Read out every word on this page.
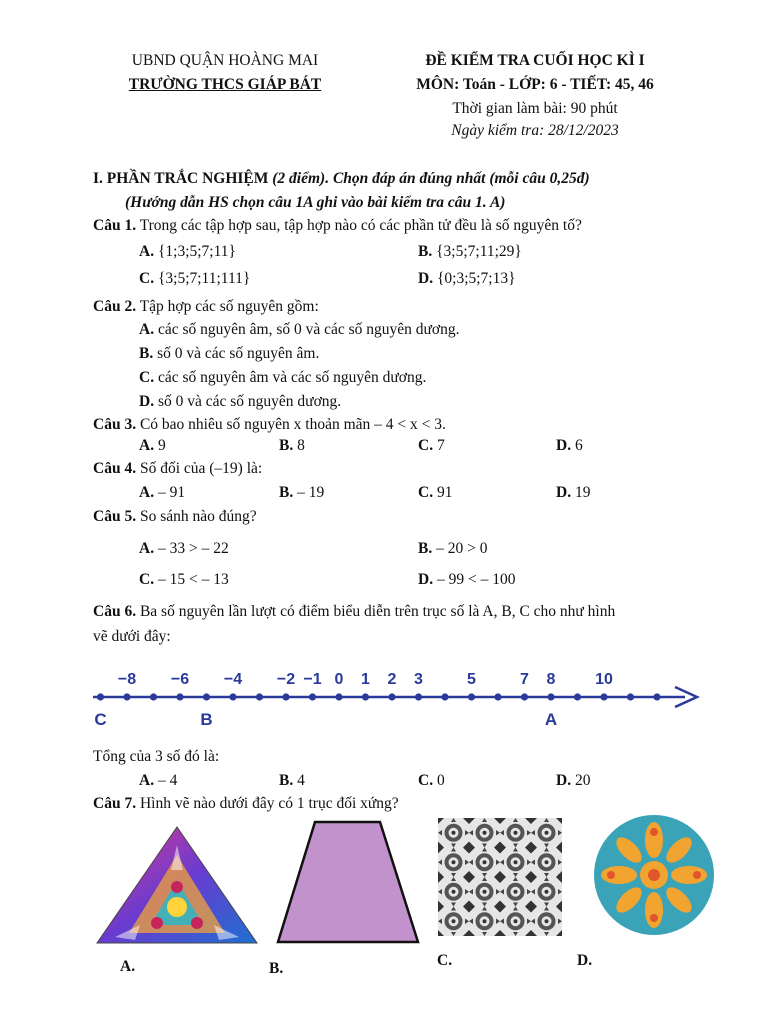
UBND QUẬN HOÀNG MAI
TRƯỜNG THCS GIÁP BÁT
ĐỀ KIỂM TRA CUỐI HỌC KÌ I
MÔN: Toán - LỚP: 6 - TIẾT: 45, 46
Thời gian làm bài: 90 phút
Ngày kiểm tra: 28/12/2023
I. PHẦN TRẮC NGHIỆM (2 điểm). Chọn đáp án đúng nhất (mỗi câu 0,25đ)
(Hướng dẫn HS chọn câu 1A ghi vào bài kiểm tra câu 1. A)
Câu 1. Trong các tập hợp sau, tập hợp nào có các phần tử đều là số nguyên tố?
A. {1;3;5;7;11}	B. {3;5;7;11;29}
C. {3;5;7;11;111}	D. {0;3;5;7;13}
Câu 2. Tập hợp các số nguyên gồm:
A. các số nguyên âm, số 0 và các số nguyên dương.
B. số 0 và các số nguyên âm.
C. các số nguyên âm và các số nguyên dương.
D. số 0 và các số nguyên dương.
Câu 3. Có bao nhiêu số nguyên x thoản mãn – 4 < x < 3.
A. 9	B. 8	C. 7	D. 6
Câu 4. Số đối của (–19) là:
A. – 91	B. – 19	C. 91	D. 19
Câu 5. So sánh nào đúng?
A. – 33 > – 22	B. – 20 > 0
C. – 15 < – 13	D. – 99 < – 100
Câu 6. Ba số nguyên lần lượt có điểm biểu diễn trên trục số là A, B, C cho như hình
vẽ dưới đây:
−8 −6 −4 −2 −1 0 1 2 3	5	7 8 10
C	B	A
Tổng của 3 số đó là:
A. – 4	B. 4	C. 0	D. 20
Câu 7. Hình vẽ nào dưới đây có 1 trục đối xứng?
A.	B.	C.	D.
